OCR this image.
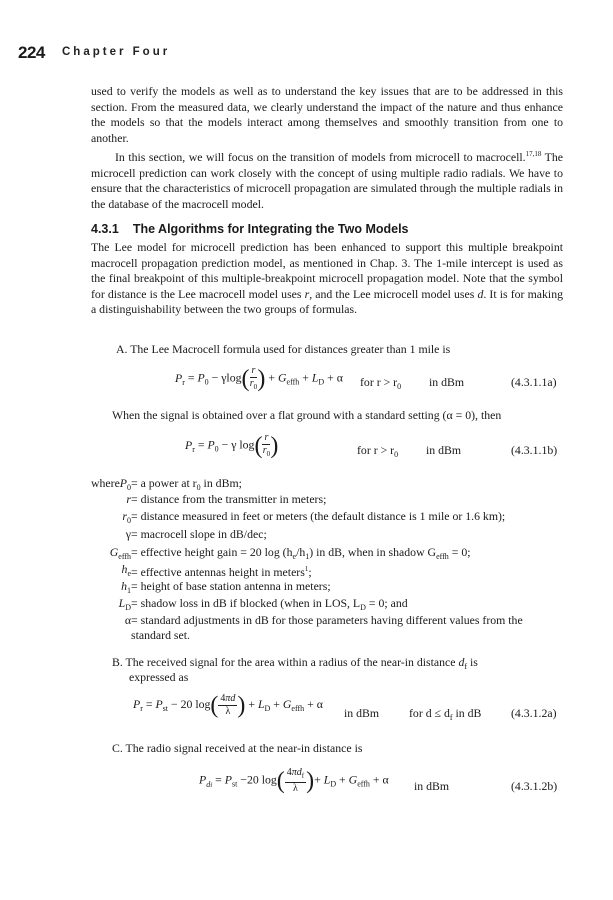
224 Chapter Four
used to verify the models as well as to understand the key issues that are to be addressed in this section. From the measured data, we clearly understand the impact of the nature and thus enhance the models so that the models interact among themselves and smoothly transition from one to another.
In this section, we will focus on the transition of models from microcell to macrocell.$^{17,18}$ The microcell prediction can work closely with the concept of using multiple radio radials. We have to ensure that the characteristics of microcell propagation are simulated through the multiple radials in the database of the macrocell model.
4.3.1 The Algorithms for Integrating the Two Models
The Lee model for microcell prediction has been enhanced to support this multiple breakpoint macrocell propagation prediction model, as mentioned in Chap. 3. The 1-mile intercept is used as the final breakpoint of this multiple-breakpoint microcell propagation model. Note that the symbol for distance is the Lee macrocell model uses r, and the Lee microcell model uses d. It is for making a distinguishability between the two groups of formulas.
A. The Lee Macrocell formula used for distances greater than 1 mile is
$P_r = P_0 - \gamma\log( \frac{r}{r_0}$ ) + $G_{effh} + L_D + \alpha$ for $r > r_0$ in dBm	(4.3.1.1a)
When the signal is obtained over a flat ground with a standard setting (α = 0), then
$P_r = P_0 - \gamma$ $\log( \frac{r}{r_0}$ )	for $r > r_0$ in dBm	(4.3.1.1b)
where $P_0 = a$ power at $r_0$ in dBm;
r = distance from the transmitter in meters;
$r_0$ = distance measured in feet or meters (the default distance is 1 mile or 1.6 km);
γ = macrocell slope in dB/dec;
$G_{effh}$ = effective height gain = 20 $\log (h_e/h_1)$ in dB, when in shadow $G_{effh} = 0$;
$h_e$ = effective antennas height in meters$^1$;
$h_1$ = height of base station antenna in meters;
$L_D$ = shadow loss in dB if blocked (when in LOS, $L_D = 0$; and
α = standard adjustments in dB for those parameters having different values from the standard set.
B. The received signal for the area within a radius of the near-in distance $d_f$ is
expressed as
$P_r = P_{st} - 20$ $\log( \frac{4\pi d}{\lambda}$ ) + $L_D + G_{effh} + \alpha$
in dBm	for $d \le d_f$ in dB	(4.3.1.2a)
C. The radio signal received at the near-in distance is
$P_{df} = P_{st} -20$ $\log( \frac{4\pi d_f}{\lambda}$ )+ $L_D + G_{effh} + \alpha$ in dBm	(4.3.1.2b)
